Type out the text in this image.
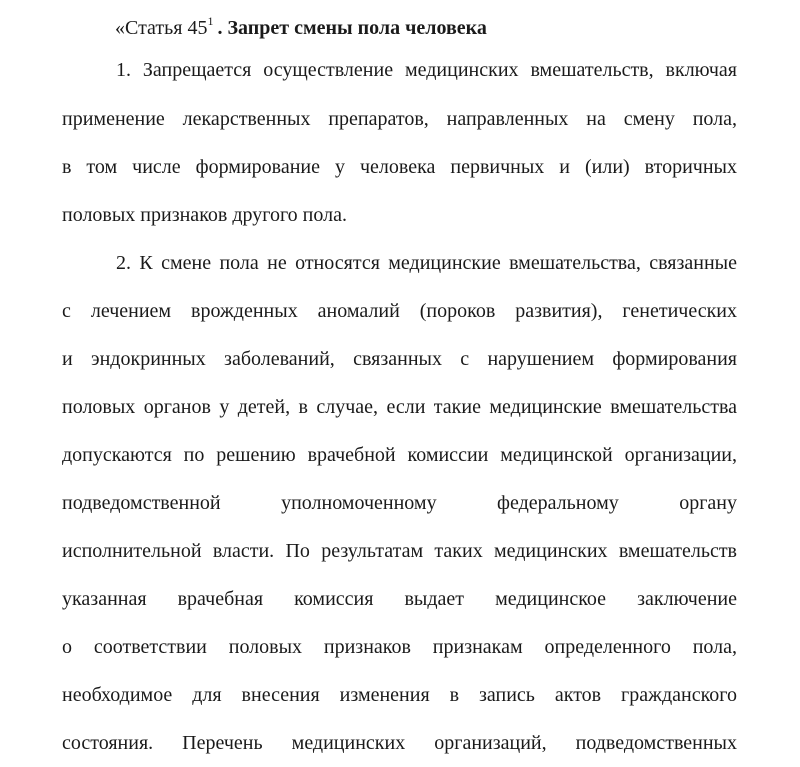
«Статья $45^1$ . Запрет смены пола человека
1. Запрещается осуществление медицинских вмешательств, включая
применение лекарственных препаратов, направленных на смену пола,
в том числе формирование у человека первичных и (или) вторичных
половых признаков другого пола.
2. К смене пола не относятся медицинские вмешательства, связанные
с лечением врожденных аномалий (пороков развития), генетических
и эндокринных заболеваний, связанных с нарушением формирования
половых органов у детей, в случае, если такие медицинские вмешательства
допускаются по решению врачебной комиссии медицинской организации,
подведомственной уполномоченному федеральному органу
исполнительной власти. По результатам таких медицинских вмешательств
указанная врачебная комиссия выдает медицинское заключение
о соответствии половых признаков признакам определенного пола,
необходимое для внесения изменения в запись актов гражданского
состояния. Перечень медицинских организаций, подведомственных
